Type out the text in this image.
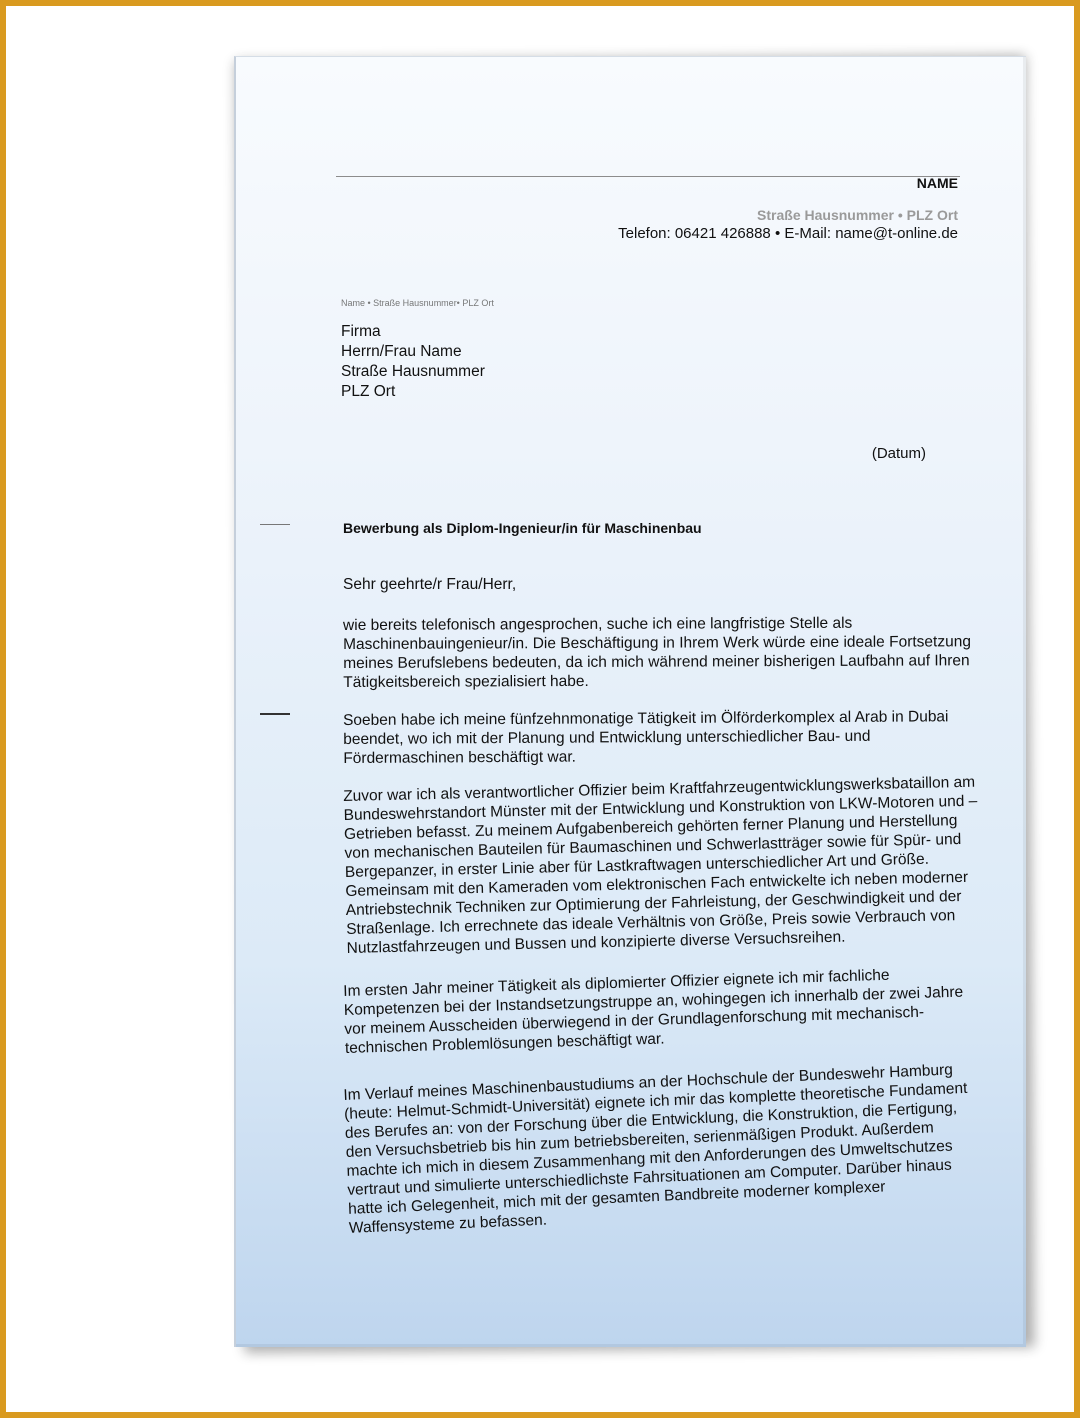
NAME
Straße Hausnummer • PLZ Ort
Telefon: 06421 426888 • E-Mail: name@t-online.de
Name • Straße Hausnummer• PLZ Ort
Firma
Herrn/Frau Name
Straße Hausnummer
PLZ Ort
(Datum)
Bewerbung als Diplom-Ingenieur/in für Maschinenbau
Sehr geehrte/r Frau/Herr,

wie bereits telefonisch angesprochen, suche ich eine langfristige Stelle als Maschinenbauingenieur/in. Die Beschäftigung in Ihrem Werk würde eine ideale Fortsetzung meines Berufslebens bedeuten, da ich mich während meiner bisherigen Laufbahn auf Ihren Tätigkeitsbereich spezialisiert habe.

Soeben habe ich meine fünfzehnmonatige Tätigkeit im Ölförderkomplex al Arab in Dubai beendet, wo ich mit der Planung und Entwicklung unterschiedlicher Bau- und Fördermaschinen beschäftigt war.

Zuvor war ich als verantwortlicher Offizier beim Kraftfahrzeugentwicklungswerksbataillon am Bundeswehrstandort Münster mit der Entwicklung und Konstruktion von LKW-Motoren und –Getrieben befasst. Zu meinem Aufgabenbereich gehörten ferner Planung und Herstellung von mechanischen Bauteilen für Baumaschinen und Schwerlastträger sowie für Spür- und Bergepanzer, in erster Linie aber für Lastkraftwagen unterschiedlicher Art und Größe. Gemeinsam mit den Kameraden vom elektronischen Fach entwickelte ich neben moderner Antriebstechnik Techniken zur Optimierung der Fahrleistung, der Geschwindigkeit und der Straßenlage. Ich errechnete das ideale Verhältnis von Größe, Preis sowie Verbrauch von Nutzlastfahrzeugen und Bussen und konzipierte diverse Versuchsreihen.

Im ersten Jahr meiner Tätigkeit als diplomierter Offizier eignete ich mir fachliche Kompetenzen bei der Instandsetzungstruppe an, wohingegen ich innerhalb der zwei Jahre vor meinem Ausscheiden überwiegend in der Grundlagenforschung mit mechanisch-technischen Problemlösungen beschäftigt war.

Im Verlauf meines Maschinenbaustudiums an der Hochschule der Bundeswehr Hamburg (heute: Helmut-Schmidt-Universität) eignete ich mir das komplette theoretische Fundament des Berufes an: von der Forschung über die Entwicklung, die Konstruktion, die Fertigung, den Versuchsbetrieb bis hin zum betriebsbereiten, serienmäßigen Produkt. Außerdem machte ich mich in diesem Zusammenhang mit den Anforderungen des Umweltschutzes vertraut und simulierte unterschiedlichste Fahrsituationen am Computer. Darüber hinaus hatte ich Gelegenheit, mich mit der gesamten Bandbreite moderner komplexer Waffensysteme zu befassen.
